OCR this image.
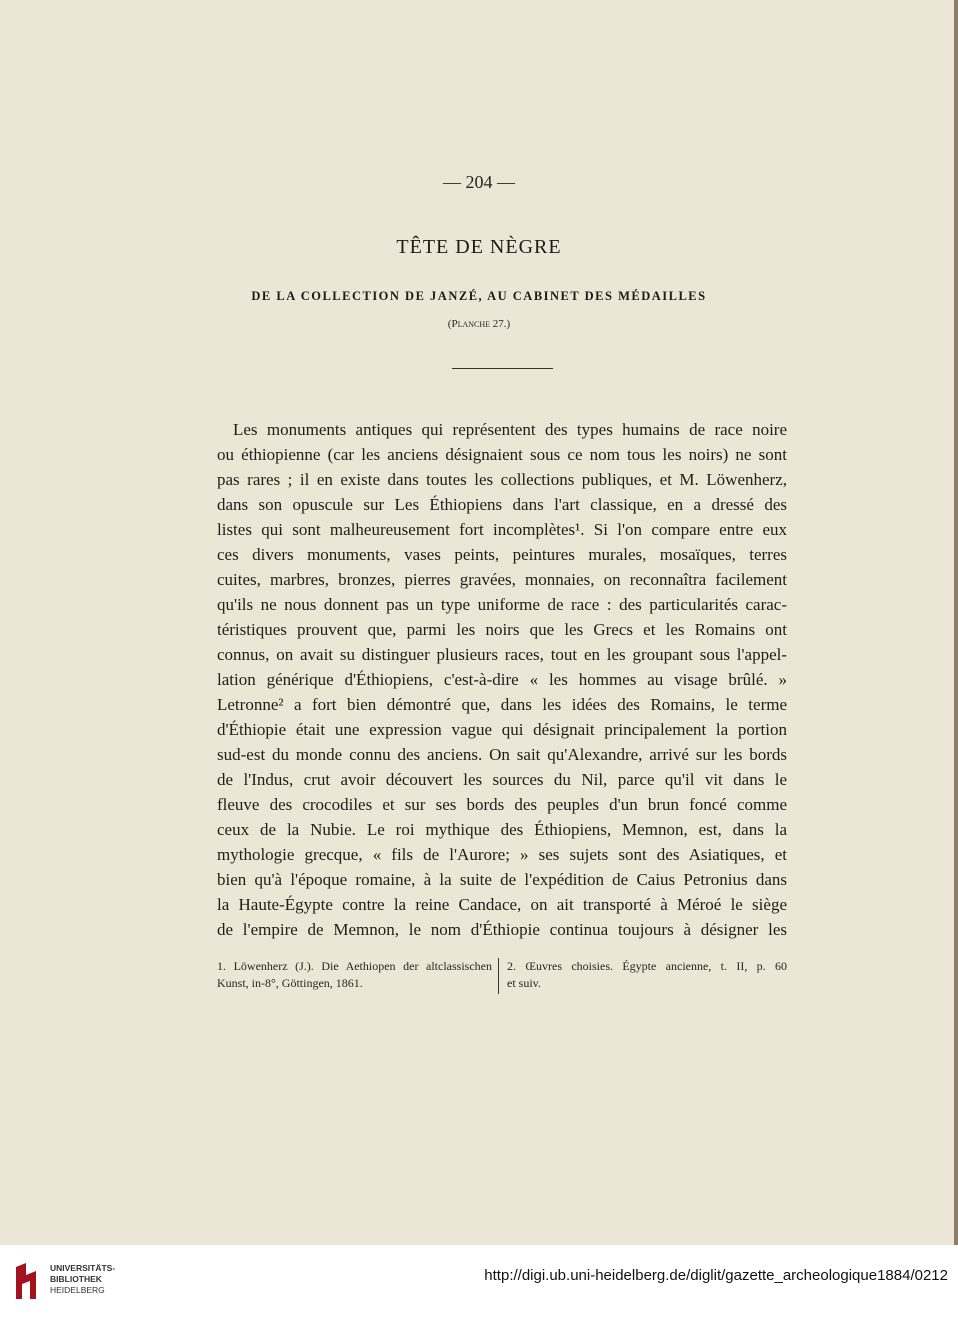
— 204 —
TÊTE DE NÈGRE
DE LA COLLECTION DE JANZÉ, AU CABINET DES MÉDAILLES
(Planche 27.)
Les monuments antiques qui représentent des types humains de race noire
ou éthiopienne (car les anciens désignaient sous ce nom tous les noirs) ne sont
pas rares ; il en existe dans toutes les collections publiques, et M. Löwenherz,
dans son opuscule sur Les Éthiopiens dans l'art classique, en a dressé des
listes qui sont malheureusement fort incomplètes¹. Si l'on compare entre eux
ces divers monuments, vases peints, peintures murales, mosaïques, terres
cuites, marbres, bronzes, pierres gravées, monnaies, on reconnaîtra facilement
qu'ils ne nous donnent pas un type uniforme de race : des particularités carac-
téristiques prouvent que, parmi les noirs que les Grecs et les Romains ont
connus, on avait su distinguer plusieurs races, tout en les groupant sous l'appel-
lation générique d'Éthiopiens, c'est-à-dire « les hommes au visage brûlé. »
Letronne² a fort bien démontré que, dans les idées des Romains, le terme
d'Éthiopie était une expression vague qui désignait principalement la portion
sud-est du monde connu des anciens. On sait qu'Alexandre, arrivé sur les bords
de l'Indus, crut avoir découvert les sources du Nil, parce qu'il vit dans le
fleuve des crocodiles et sur ses bords des peuples d'un brun foncé comme
ceux de la Nubie. Le roi mythique des Éthiopiens, Memnon, est, dans la
mythologie grecque, « fils de l'Aurore; » ses sujets sont des Asiatiques, et
bien qu'à l'époque romaine, à la suite de l'expédition de Caius Petronius dans
la Haute-Égypte contre la reine Candace, on ait transporté à Méroé le siège
de l'empire de Memnon, le nom d'Éthiopie continua toujours à désigner les
1. Löwenherz (J.). Die Aethiopen der altclassischen
Kunst, in-8°, Göttingen, 1861.
2. Œuvres choisies. Égypte ancienne, t. II, p. 60
et suiv.
UNIVERSITÄTS-
BIBLIOTHEK
HEIDELBERG
http://digi.ub.uni-heidelberg.de/diglit/gazette_archeologique1884/0212
